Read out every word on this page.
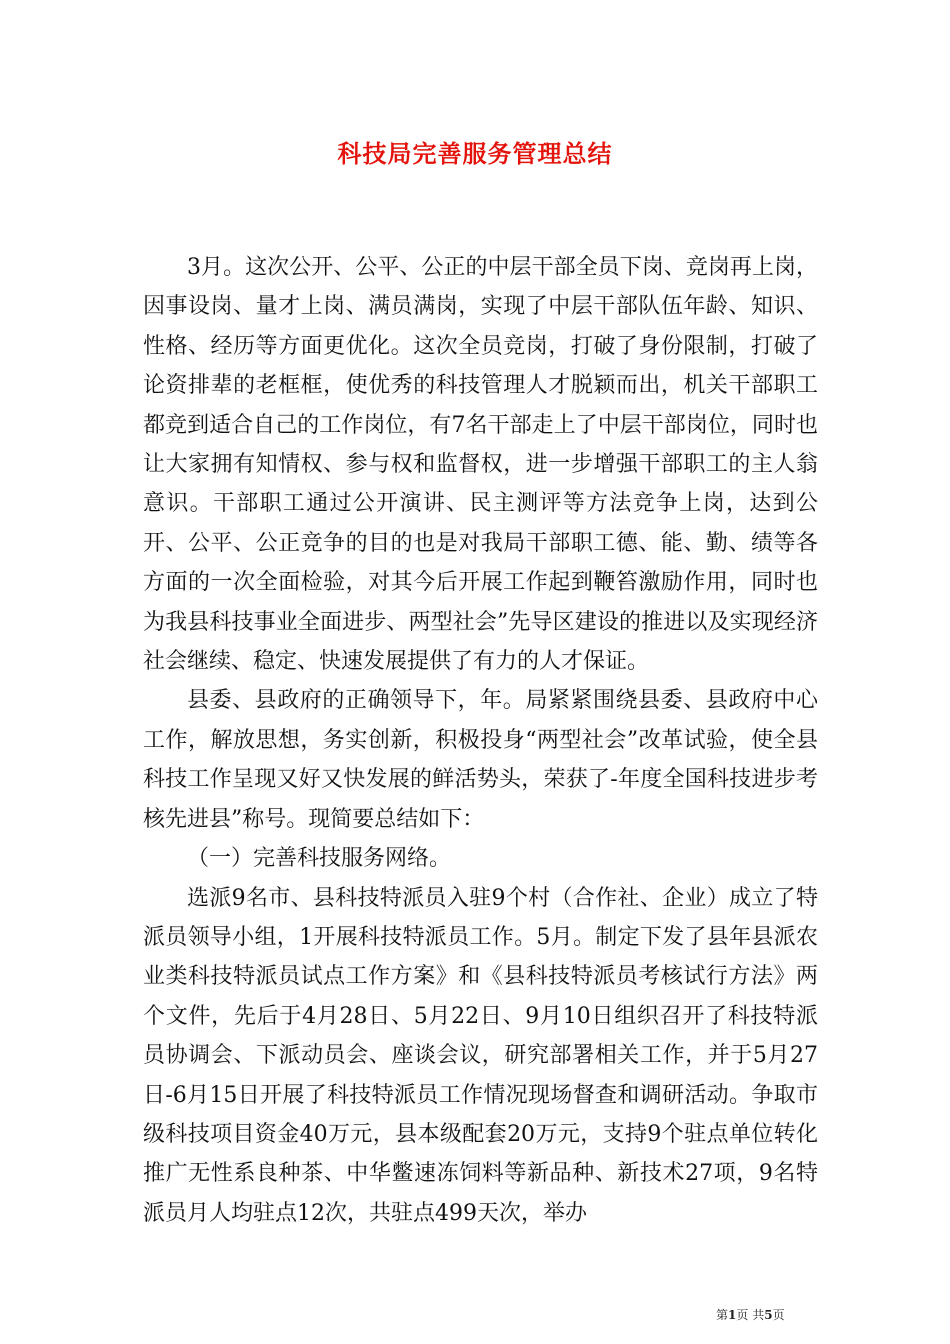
科技局完善服务管理总结

3月。这次公开、公平、公正的中层干部全员下岗、竞岗再上岗，因事设岗、量才上岗、满员满岗，实现了中层干部队伍年龄、知识、性格、经历等方面更优化。这次全员竞岗，打破了身份限制，打破了论资排辈的老框框，使优秀的科技管理人才脱颖而出，机关干部职工都竞到适合自己的工作岗位，有7名干部走上了中层干部岗位，同时也让大家拥有知情权、参与权和监督权，进一步增强干部职工的主人翁意识。干部职工通过公开演讲、民主测评等方法竞争上岗，达到公开、公平、公正竞争的目的也是对我局干部职工德、能、勤、绩等各方面的一次全面检验，对其今后开展工作起到鞭笞激励作用，同时也为我县科技事业全面进步、两型社会”先导区建设的推进以及实现经济社会继续、稳定、快速发展提供了有力的人才保证。

县委、县政府的正确领导下，年。局紧紧围绕县委、县政府中心工作，解放思想，务实创新，积极投身“两型社会”改革试验，使全县科技工作呈现又好又快发展的鲜活势头，荣获了-年度全国科技进步考核先进县”称号。现简要总结如下：

（一）完善科技服务网络。

选派9名市、县科技特派员入驻9个村（合作社、企业）成立了特派员领导小组，1开展科技特派员工作。5月。制定下发了县年县派农业类科技特派员试点工作方案》和《县科技特派员考核试行方法》两个文件，先后于4月28日、5月22日、9月10日组织召开了科技特派员协调会、下派动员会、座谈会议，研究部署相关工作，并于5月27日-6月15日开展了科技特派员工作情况现场督查和调研活动。争取市级科技项目资金40万元，县本级配套20万元，支持9个驻点单位转化推广无性系良种茶、中华鳖速冻饲料等新品种、新技术27项，9名特派员月人均驻点12次，共驻点499天次，举办

第1页 共5页
